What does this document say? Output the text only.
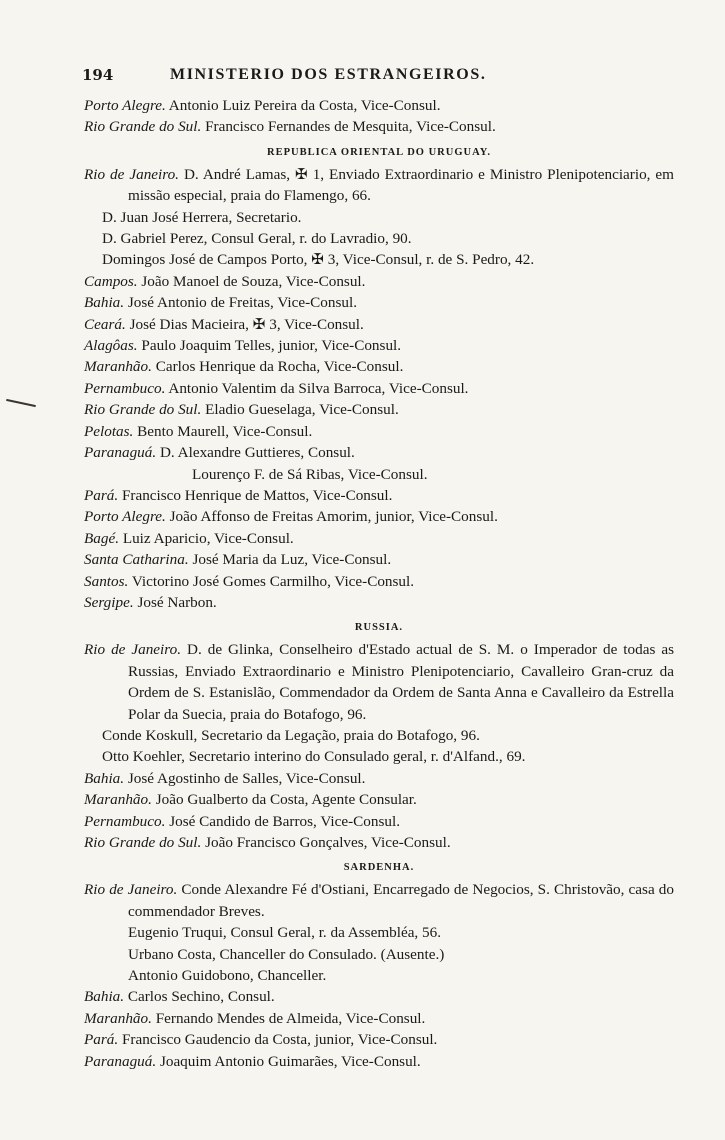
194	MINISTERIO DOS ESTRANGEIROS.
Porto Alegre. Antonio Luiz Pereira da Costa, Vice-Consul.
Rio Grande do Sul. Francisco Fernandes de Mesquita, Vice-Consul.
REPUBLICA ORIENTAL DO URUGUAY.
Rio de Janeiro. D. André Lamas, ✠ 1, Enviado Extraordinario e Ministro Plenipotenciario, em missão especial, praia do Flamengo, 66.
D. Juan José Herrera, Secretario.
D. Gabriel Perez, Consul Geral, r. do Lavradio, 90.
Domingos José de Campos Porto, ✠ 3, Vice-Consul, r. de S. Pedro, 42.
Campos. João Manoel de Souza, Vice-Consul.
Bahia. José Antonio de Freitas, Vice-Consul.
Ceará. José Dias Macieira, ✠ 3, Vice-Consul.
Alagôas. Paulo Joaquim Telles, junior, Vice-Consul.
Maranhão. Carlos Henrique da Rocha, Vice-Consul.
Pernambuco. Antonio Valentim da Silva Barroca, Vice-Consul.
Rio Grande do Sul. Eladio Gueselaga, Vice-Consul.
Pelotas. Bento Maurell, Vice-Consul.
Paranaguá. D. Alexandre Guttieres, Consul.
Lourenço F. de Sá Ribas, Vice-Consul.
Pará. Francisco Henrique de Mattos, Vice-Consul.
Porto Alegre. João Affonso de Freitas Amorim, junior, Vice-Consul.
Bagé. Luiz Aparicio, Vice-Consul.
Santa Catharina. José Maria da Luz, Vice-Consul.
Santos. Victorino José Gomes Carmilho, Vice-Consul.
Sergipe. José Narbon.
RUSSIA.
Rio de Janeiro. D. de Glinka, Conselheiro d'Estado actual de S. M. o Imperador de todas as Russias, Enviado Extraordinario e Ministro Plenipotenciario, Cavalleiro Gran-cruz da Ordem de S. Estanislão, Commendador da Ordem de Santa Anna e Cavalleiro da Estrella Polar da Suecia, praia do Botafogo, 96.
Conde Koskull, Secretario da Legação, praia do Botafogo, 96.
Otto Koehler, Secretario interino do Consulado geral, r. d'Alfand., 69.
Bahia. José Agostinho de Salles, Vice-Consul.
Maranhão. João Gualberto da Costa, Agente Consular.
Pernambuco. José Candido de Barros, Vice-Consul.
Rio Grande do Sul. João Francisco Gonçalves, Vice-Consul.
SARDENHA.
Rio de Janeiro. Conde Alexandre Fé d'Ostiani, Encarregado de Negocios, S. Christovão, casa do commendador Breves.
Eugenio Truqui, Consul Geral, r. da Assembléa, 56.
Urbano Costa, Chanceller do Consulado. (Ausente.)
Antonio Guidobono, Chanceller.
Bahia. Carlos Sechino, Consul.
Maranhão. Fernando Mendes de Almeida, Vice-Consul.
Pará. Francisco Gaudencio da Costa, junior, Vice-Consul.
Paranaguá. Joaquim Antonio Guimarães, Vice-Consul.
